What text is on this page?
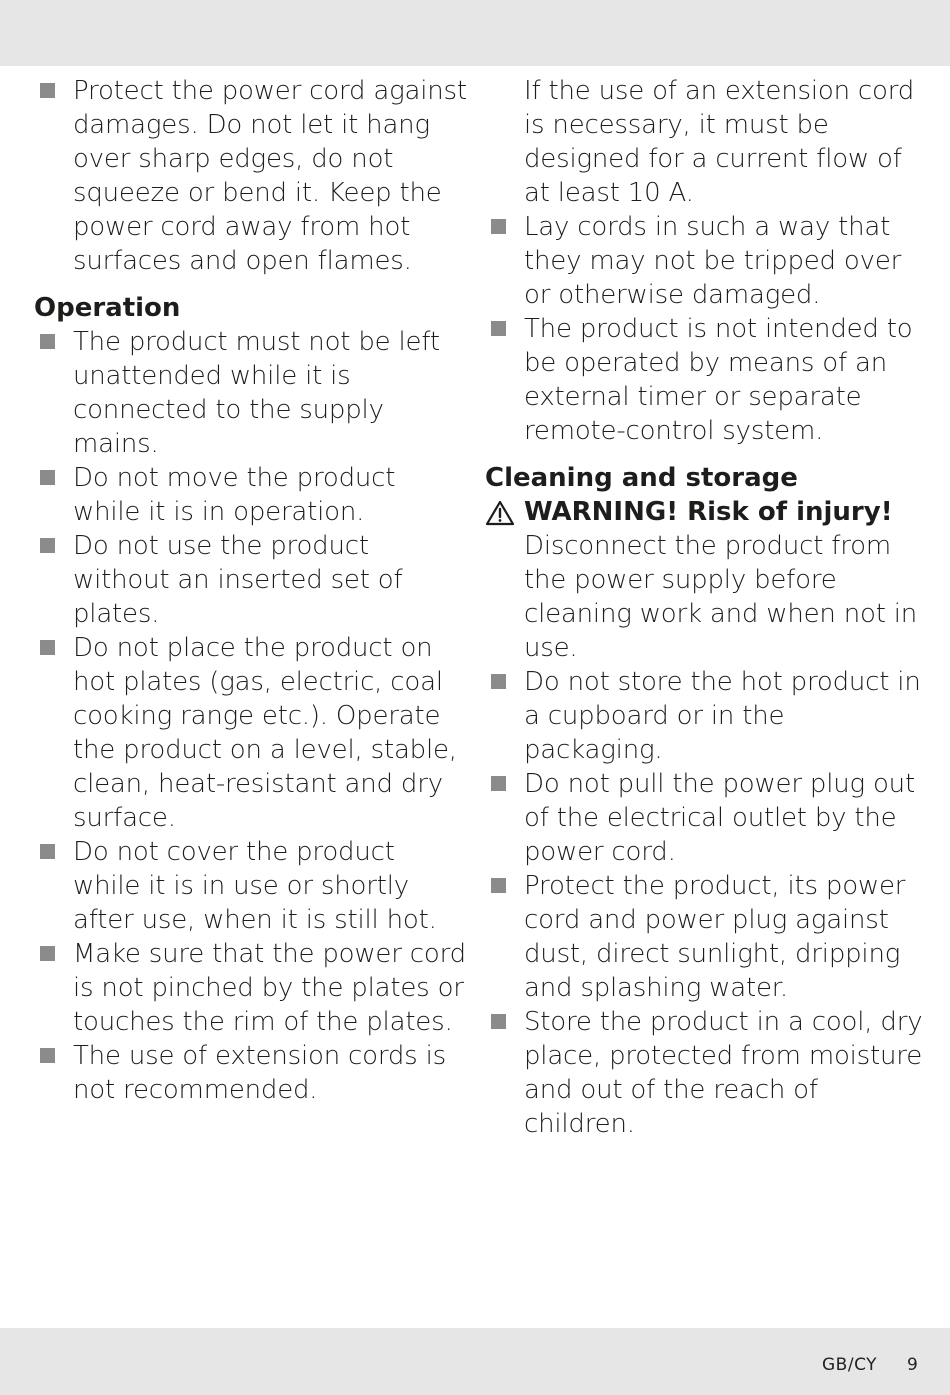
Protect the power cord against damages. Do not let it hang over sharp edges, do not squeeze or bend it. Keep the power cord away from hot surfaces and open flames.
Operation
The product must not be left unattended while it is connected to the supply mains.
Do not move the product while it is in operation.
Do not use the product without an inserted set of plates.
Do not place the product on hot plates (gas, electric, coal cooking range etc.). Operate the product on a level, stable, clean, heat-resistant and dry surface.
Do not cover the product while it is in use or shortly after use, when it is still hot.
Make sure that the power cord is not pinched by the plates or touches the rim of the plates.
The use of extension cords is not recommended.
If the use of an extension cord is necessary, it must be designed for a current flow of at least 10 A.
Lay cords in such a way that they may not be tripped over or otherwise damaged.
The product is not intended to be operated by means of an external timer or separate remote-control system.
Cleaning and storage
WARNING! Risk of injury!
Disconnect the product from the power supply before cleaning work and when not in use.
Do not store the hot product in a cupboard or in the packaging.
Do not pull the power plug out of the electrical outlet by the power cord.
Protect the product, its power cord and power plug against dust, direct sunlight, dripping and splashing water.
Store the product in a cool, dry place, protected from moisture and out of the reach of children.
GB/CY 9
